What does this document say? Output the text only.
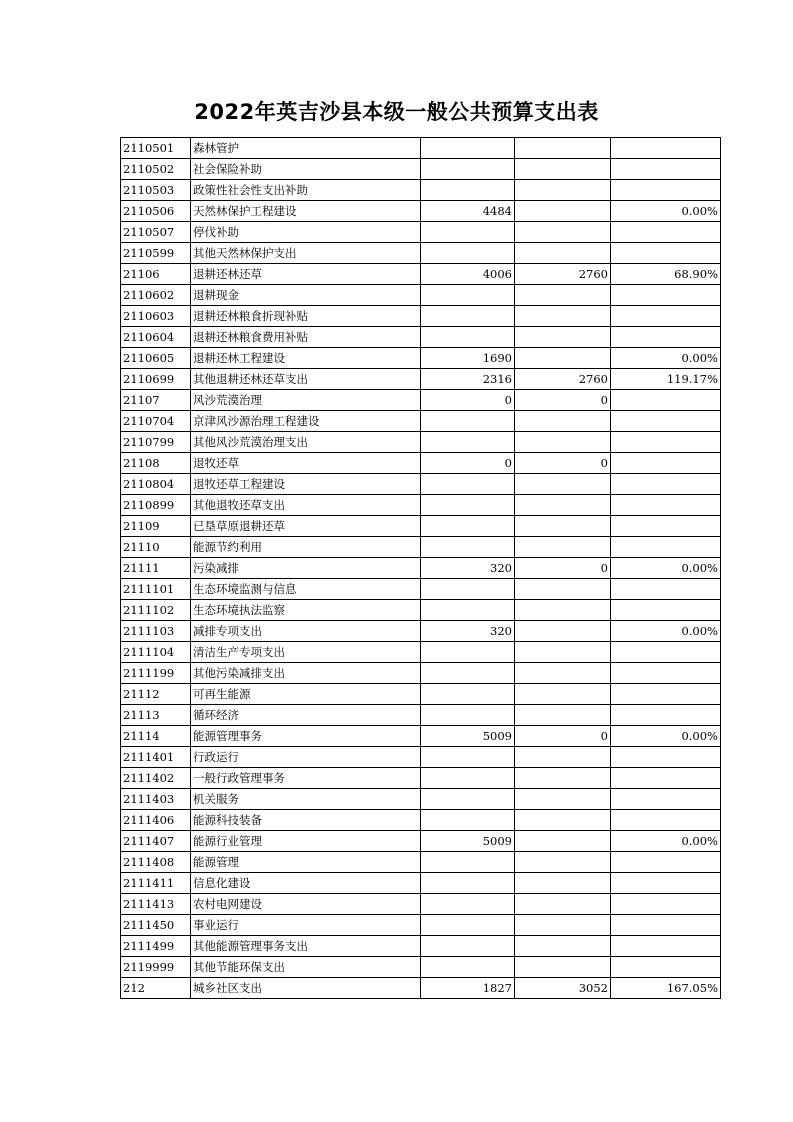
2022年英吉沙县本级一般公共预算支出表
2110501	森林管护			
2110502	社会保险补助			
2110503	政策性社会性支出补助			
2110506	天然林保护工程建设	4484		0.00%
2110507	停伐补助			
2110599	其他天然林保护支出			
21106	退耕还林还草	4006	2760	68.90%
2110602	退耕现金			
2110603	退耕还林粮食折现补贴			
2110604	退耕还林粮食费用补贴			
2110605	退耕还林工程建设	1690		0.00%
2110699	其他退耕还林还草支出	2316	2760	119.17%
21107	风沙荒漠治理	0	0	
2110704	京津风沙源治理工程建设			
2110799	其他风沙荒漠治理支出			
21108	退牧还草	0	0	
2110804	退牧还草工程建设			
2110899	其他退牧还草支出			
21109	已垦草原退耕还草			
21110	能源节约利用			
21111	污染减排	320	0	0.00%
2111101	生态环境监测与信息			
2111102	生态环境执法监察			
2111103	减排专项支出	320		0.00%
2111104	清洁生产专项支出			
2111199	其他污染减排支出			
21112	可再生能源			
21113	循环经济			
21114	能源管理事务	5009	0	0.00%
2111401	行政运行			
2111402	一般行政管理事务			
2111403	机关服务			
2111406	能源科技装备			
2111407	能源行业管理	5009		0.00%
2111408	能源管理			
2111411	信息化建设			
2111413	农村电网建设			
2111450	事业运行			
2111499	其他能源管理事务支出			
2119999	其他节能环保支出			
212	城乡社区支出	1827	3052	167.05%
